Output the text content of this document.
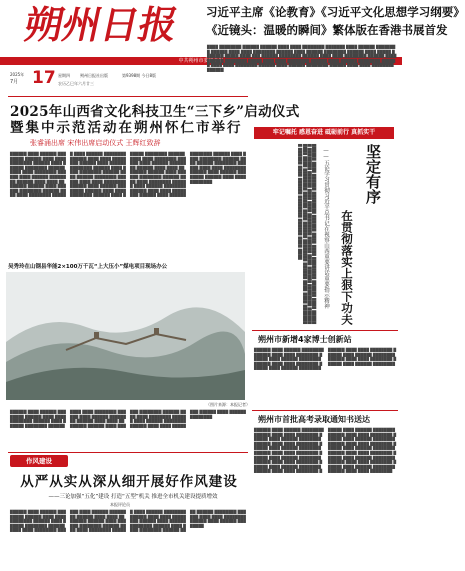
朔
州
日
报 习近平主席《论教育》《习近平文化思想学习纲要》
《近镜头：温暖的瞬间》繁体版在香港书展首发
中共朔州市委机关报
2025年
7月 17 星期四	朔州日报社出版	第9398期 今日8版
农历乙巳年六月廿三
████ ████████ ██████ ██████ ████ ████ ████████ ███████ ████ ██████ ████████ ██████ ████ ████ ████████ ██████ ████ ██████ ████████ ██████ ████ █████ ███████ █████ ████ ███ ██████ ████████ ██████ ████ ████ ████████ ██████ ████ ██████ ████████ █████ ████ ████ ████████ ██████ ████ ██████ ████████ ██████ ████ ████ ████████ ██████ ████ ██████ ████████ ██████ ████ ████ ████████ ██████
2025年山西省文化科技卫生“三下乡”启动仪式
暨集中示范活动在朔州怀仁市举行
张睿涌出席 宋伟出席启动仪式 王辉红致辞
██████ ████ ██████ ████████ ██████ ████ ████ ████████ ██████ ████ ██████ ████████ ██████ ████ ████ ████████ ██████ ████ ██████ ████████ ██████ ████ ████ ████████ ██████ ████ ██████ ████████ ██████ ████ ████ ████████ ██████ ████ ██████ ████████ ██████ ████ ████ ████████ ██████ ████ ██████ ████████ ██████ ████ ████ ████████ ██████ ████ ██████ ████████ ██████ ████ ████ ████████ ██████ ████ ██████ ████████ ██████ ████ ████ ████████ ██████ ████ ██████ ████████ ██████ ████ ████ ████████ ██████ ████ ██████ ████████ ██████ ████ ████ ████████ ██████ ████ ██████ ████████ ██████ ████ ████ ████████ ██████ ████ ██████ ████████ ██████ ████ ████ ████████ ██████ ████ ██████ ████████ ██████ ████ ████ ████████ ██████ ████ ██████ ████████ ██████ ████ ████ ████████ ██████ ████ ██████ ████████ ██████ ████ ████ ████████
吴秀玲在山钢县华能2×100万千瓦“上大压小”煤电项目现场办公
（图片来源：本报记者）
██████ ████ ██████ ████████ ██████ ████ ████ ████████ ██████ ████ ██████ ████████ ██████ ████ ████ ████████ ██████ ████ ██████ ████████ ██████ ████ ████ ████████ ██████ ████ ██████ ████████ ██████ ████ ████ ████████ ██████ ████ ██████ ████████ ██████ ████ ████ ████████ ██████ ████ ██████ ████████
牢记嘱托 感恩奋进 砥砺前行 真抓实干
坚定有序
在贯彻落实上狠下功夫
——五论学习贯彻习近平总书记在视察山西重要讲话重要指示精神
██████ ████ ██████ ████████ ██████ ████ ████ ████████ ██████ ████ ██████ ████████ ██████ ████ ████ ████████ ██████ ████ ██████ ████████ ██████ ████ ████ ████████ ██████ ████ ██████ ████████ ██████ ████ ████ ████████ ██████ ████ ██████ ████████ ██████ ████ ████
朔州市新增4家博士创新站
██████ ████ ██████ ████████ ██████ ████ ████ ████████ ██████ ████ ██████ ████████ ██████ ████ ████ ████████ ██████ ████ ██████ ████████ ██████ ████ ████ ████████ ██████ ████ ██████ ████████ ██████ ████ ████ ████████ ██████ ████ ██████ ████████
朔州市首批高考录取通知书送达
██████ ████ ██████ ████████ ██████ ████ ████ ████████ ██████ ████ ██████ ████████ ██████ ████ ████ ████████ ██████ ████ ██████ ████████ ██████ ████ ████ ████████ ██████ ████ ██████ ████████ ██████ ████ ████ ████████ ██████ ████ ██████ ████████ ██████ ████ ████ ████████ ██████ ████ ██████ ████████ ██████ ████ ████ ████████ ██████ ████ ██████ ████████ ██████ ████ ████ ████████ ██████ ████ ██████ ████████ ██████ ████ ████ ████████ ██████ ████ ██████ ████████ ██████ ████ ████ ████████ ██████ ████ ██████ ████████ ██████ ████ ████ ████████
作风建设
从严从实从深从细开展好作风建设
——三论加强“五化”建设 打造“五型”机关 推进全市机关建设提质增效
本报评论员
██████ ████ ██████ ████████ ██████ ████ ████ ████████ ██████ ████ ██████ ████████ ██████ ████ ████ ████████ ██████ ████ ██████ ████████ ██████ ████ ████ ████████ ██████ ████ ██████ ████████ ██████ ████ ████ ████████ ██████ ████ ██████ ████████ ██████ ████ ████ ████████ ██████ ████ ██████ ████████ ██████ ████ ████ ████████ ██████ ████ ██████ ████████ ██████ ████ ████ ████████ ██████ ████ ██████ ████████
